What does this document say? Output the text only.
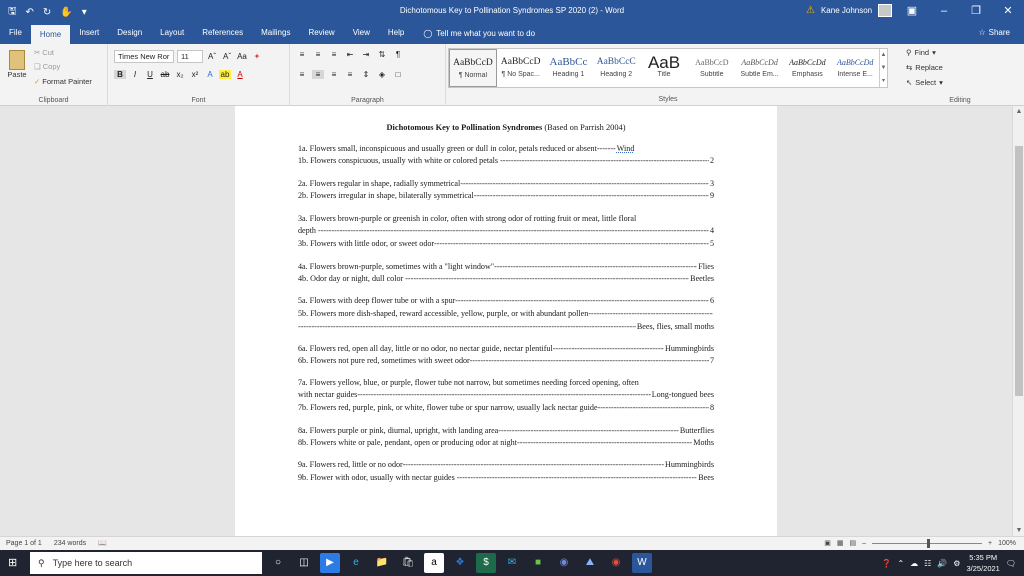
🖫 ↶ ↻ ✋ ▾	Dichotomous Key to Pollination Syndromes SP 2020 (2) - Word	⚠ Kane Johnson	▣ – ❐ ✕
File	Home	Insert	Design	Layout	References	Mailings	Review	View	Help	◯ Tell me what you want to do	☆ Share
Paste
✂ Cut
❏ Copy
✓ Format Painter
Clipboard
Times New Ror	11	Aˆ Aˇ Aa ✦
B	I	U ab x₂	x²	A ab A
Font
≡	≡	≡	⇤	⇥	⇅	¶
≡	≡	≡	≡	⇕	◈	□
Paragraph
AaBbCcD
¶ Normal
AaBbCcD
¶ No Spac...
AaBbCc
Heading 1
AaBbCcC
Heading 2
AaB
Title
AaBbCcD
Subtitle
AaBbCcDd
Subtle Em...
AaBbCcDd
Emphasis
AaBbCcDd
Intense E...
▲
▼
▾
Styles
⚲ Find ▾
⇆ Replace
↖ Select ▾
Editing
Dichotomous Key to Pollination Syndromes (Based on Parrish 2004)
1a. Flowers small, inconspicuous and usually green or dull in color, petals reduced or absent------- Wind
1b. Flowers conspicuous, usually with white or colored petals -----	2
2a. Flowers regular in shape, radially symmetrical -----	3
2b. Flowers irregular in shape, bilaterally symmetrical -----	9
3a. Flowers brown-purple or greenish in color, often with strong odor of rotting fruit or meat, little floral
depth -----	4
3b. Flowers with little odor, or sweet odor -----	5
4a. Flowers brown-purple, sometimes with a "light window" -----	Flies
4b. Odor day or night, dull color -----	Beetles
5a. Flowers with deep flower tube or with a spur -----	6
5b. Flowers more dish-shaped, reward accessible, yellow, purple, or with abundant pollen -----
-----
Bees, flies, small moths
6a. Flowers red, open all day, little or no odor, no nectar guide, nectar plentiful -----	Hummingbirds
6b. Flowers not pure red, sometimes with sweet odor -----	7
7a. Flowers yellow, blue, or purple, flower tube not narrow, but sometimes needing forced opening, often
with nectar guides -----	Long-tongued bees
7b. Flowers red, purple, pink, or white, flower tube or spur narrow, usually lack nectar guide -----	8
8a. Flowers purple or pink, diurnal, upright, with landing area -----	Butterflies
8b. Flowers white or pale, pendant, open or producing odor at night -----	Moths
9a. Flowers red, little or no odor -----	Hummingbirds
9b. Flower with odor, usually with nectar guides -----	Bees
▲
▼
Page 1 of 1 234 words 📖	▣ ▦ ▤ –	+ 100%
⊞ ⚲ Type here to search	○	◫	▶	e	📁	🛍	a	❖	$	✉	■	◉	⛰	◉	W	❓ ⌃ ☁ ☷ 🔊 ⚙
5:35 PM
3/25/2021
🗨
